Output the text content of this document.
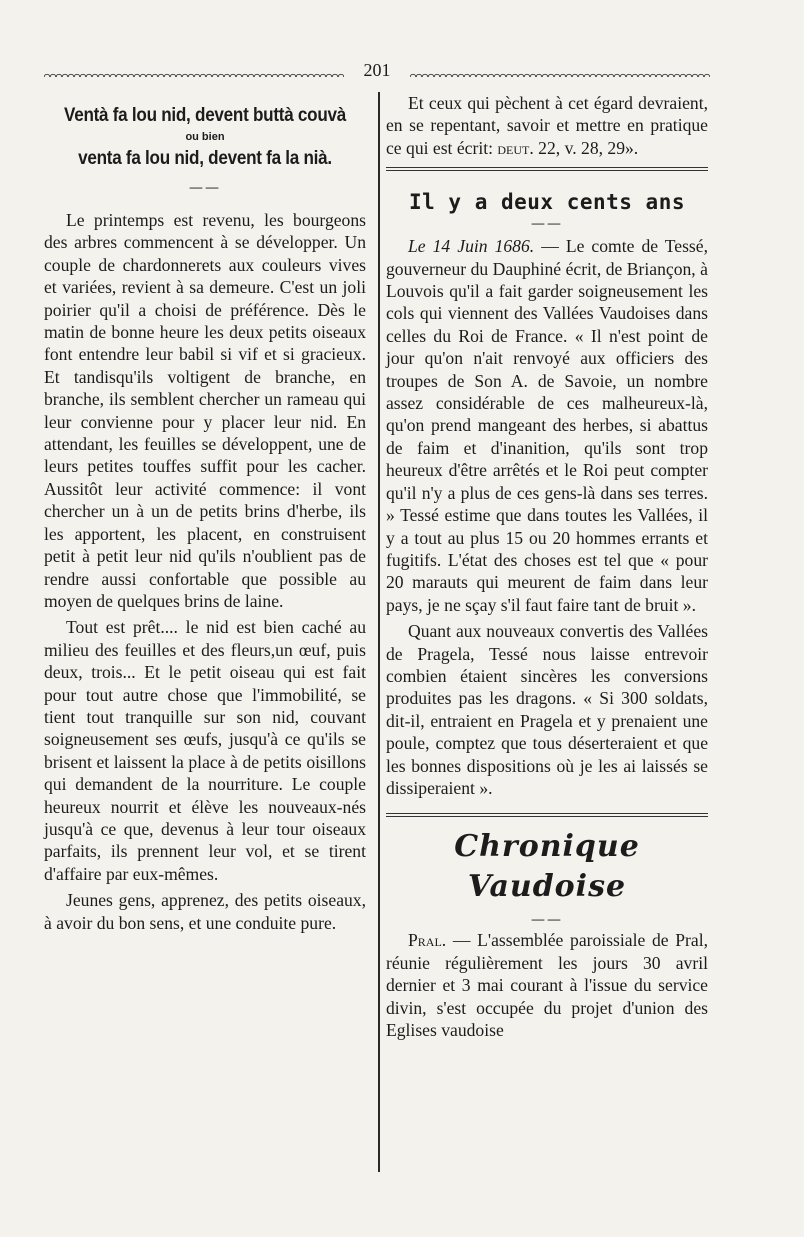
201
Ventà fa lou nid, devent buttà couvà
ou bien
venta fa lou nid, devent fa la nià.
——

Le printemps est revenu, les bourgeons des arbres commencent à se développer. Un couple de chardonnerets aux couleurs vives et variées, revient à sa demeure. C'est un joli poirier qu'il a choisi de préférence. Dès le matin de bonne heure les deux petits oiseaux font entendre leur babil si vif et si gracieux. Et tandisqu'ils voltigent de branche, en branche, ils semblent chercher un rameau qui leur convienne pour y placer leur nid. En attendant, les feuilles se développent, une de leurs petites touffes suffit pour les cacher. Aussitôt leur activité commence: il vont chercher un à un de petits brins d'herbe, ils les apportent, les placent, en construisent petit à petit leur nid qu'ils n'oublient pas de rendre aussi confortable que possible au moyen de quelques brins de laine.

Tout est prêt.... le nid est bien caché au milieu des feuilles et des fleurs,un œuf, puis deux, trois... Et le petit oiseau qui est fait pour tout autre chose que l'immobilité, se tient tout tranquille sur son nid, couvant soigneusement ses œufs, jusqu'à ce qu'ils se brisent et laissent la place à de petits oisillons qui demandent de la nourriture. Le couple heureux nourrit et élève les nouveaux-nés jusqu'à ce que, devenus à leur tour oiseaux parfaits, ils prennent leur vol, et se tirent d'affaire par eux-mêmes.

Jeunes gens, apprenez, des petits oiseaux, à avoir du bon sens, et une conduite pure.

Et ceux qui pèchent à cet égard devraient, en se repentant, savoir et mettre en pratique ce qui est écrit: deut. 22, v. 28, 29».

Il y a deux cents ans
——

Le 14 Juin 1686. — Le comte de Tessé, gouverneur du Dauphiné écrit, de Briançon, à Louvois qu'il a fait garder soigneusement les cols qui viennent des Vallées Vaudoises dans celles du Roi de France. « Il n'est point de jour qu'on n'ait renvoyé aux officiers des troupes de Son A. de Savoie, un nombre assez considérable de ces malheureux-là, qu'on prend mangeant des herbes, si abattus de faim et d'inanition, qu'ils sont trop heureux d'être arrêtés et le Roi peut compter qu'il n'y a plus de ces gens-là dans ses terres. » Tessé estime que dans toutes les Vallées, il y a tout au plus 15 ou 20 hommes errants et fugitifs. L'état des choses est tel que « pour 20 marauts qui meurent de faim dans leur pays, je ne sçay s'il faut faire tant de bruit ».

Quant aux nouveaux convertis des Vallées de Pragela, Tessé nous laisse entrevoir combien étaient sincères les conversions produites pas les dragons. « Si 300 soldats, dit-il, entraient en Pragela et y prenaient une poule, comptez que tous déserteraient et que les bonnes dispositions où je les ai laissés se dissiperaient ».

Chronique Vaudoise
——

Pral. — L'assemblée paroissiale de Pral, réunie régulièrement les jours 30 avril dernier et 3 mai courant à l'issue du service divin, s'est occupée du projet d'union des Eglises vaudoise
